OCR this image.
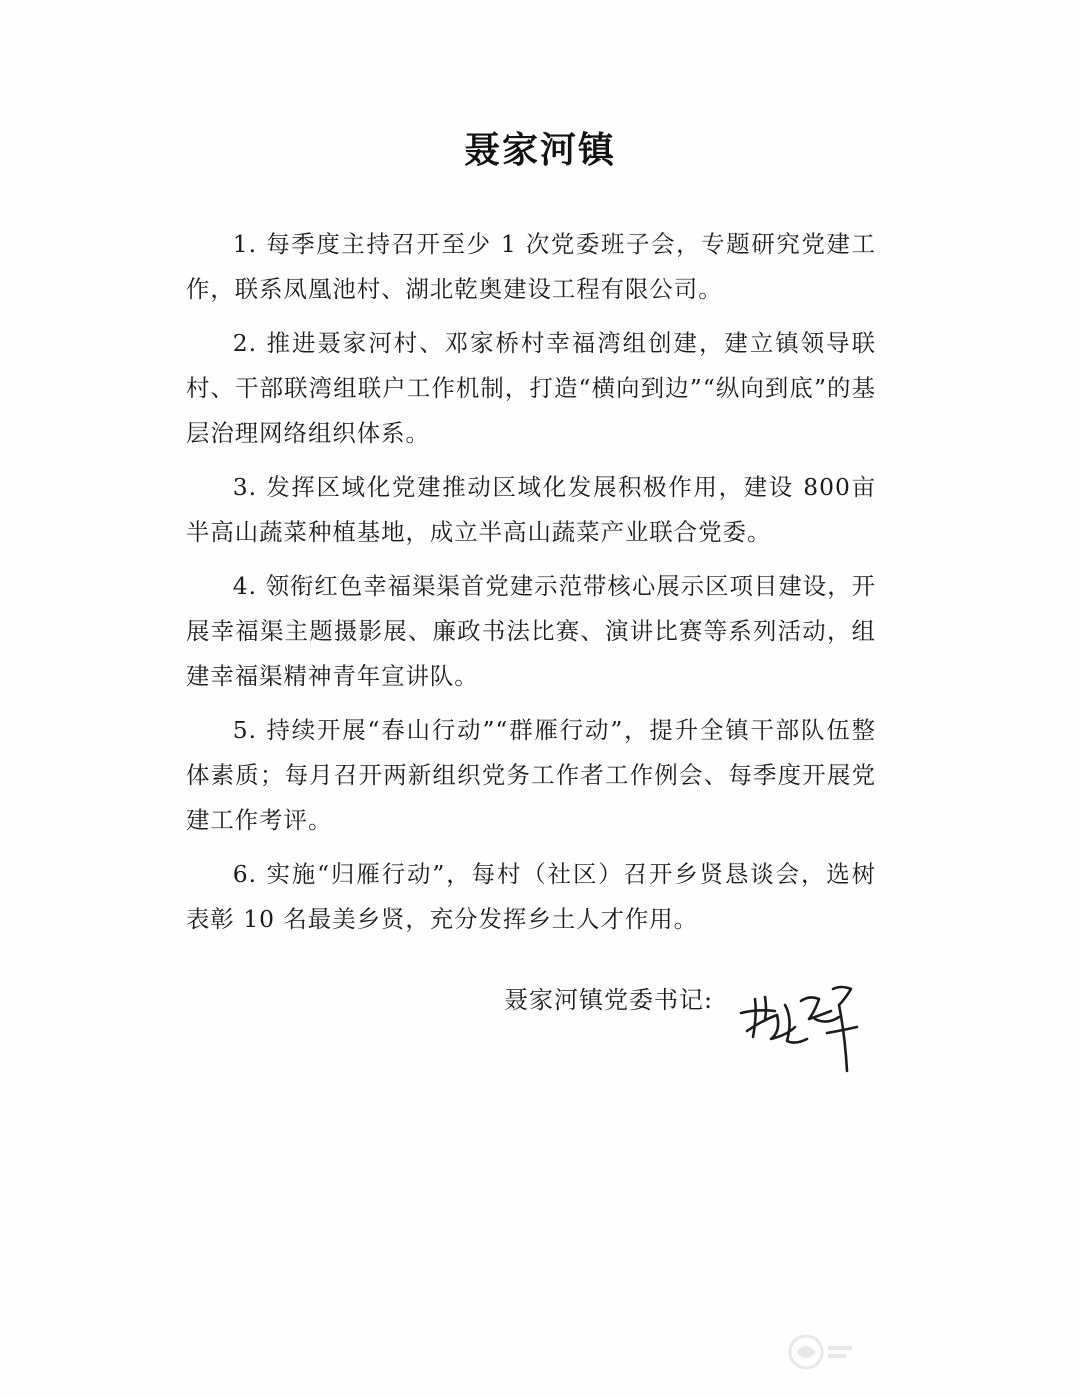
聂家河镇

1. 每季度主持召开至少 1 次党委班子会，专题研究党建工作，联系凤凰池村、湖北乾奥建设工程有限公司。

2. 推进聂家河村、邓家桥村幸福湾组创建，建立镇领导联村、干部联湾组联户工作机制，打造“横向到边”“纵向到底”的基层治理网络组织体系。

3. 发挥区域化党建推动区域化发展积极作用，建设 800亩半高山蔬菜种植基地，成立半高山蔬菜产业联合党委。

4. 领衔红色幸福渠渠首党建示范带核心展示区项目建设，开展幸福渠主题摄影展、廉政书法比赛、演讲比赛等系列活动，组建幸福渠精神青年宣讲队。

5. 持续开展“春山行动”“群雁行动”，提升全镇干部队伍整体素质；每月召开两新组织党务工作者工作例会、每季度开展党建工作考评。

6. 实施“归雁行动”，每村（社区）召开乡贤恳谈会，选树表彰 10 名最美乡贤，充分发挥乡土人才作用。

聂家河镇党委书记:
